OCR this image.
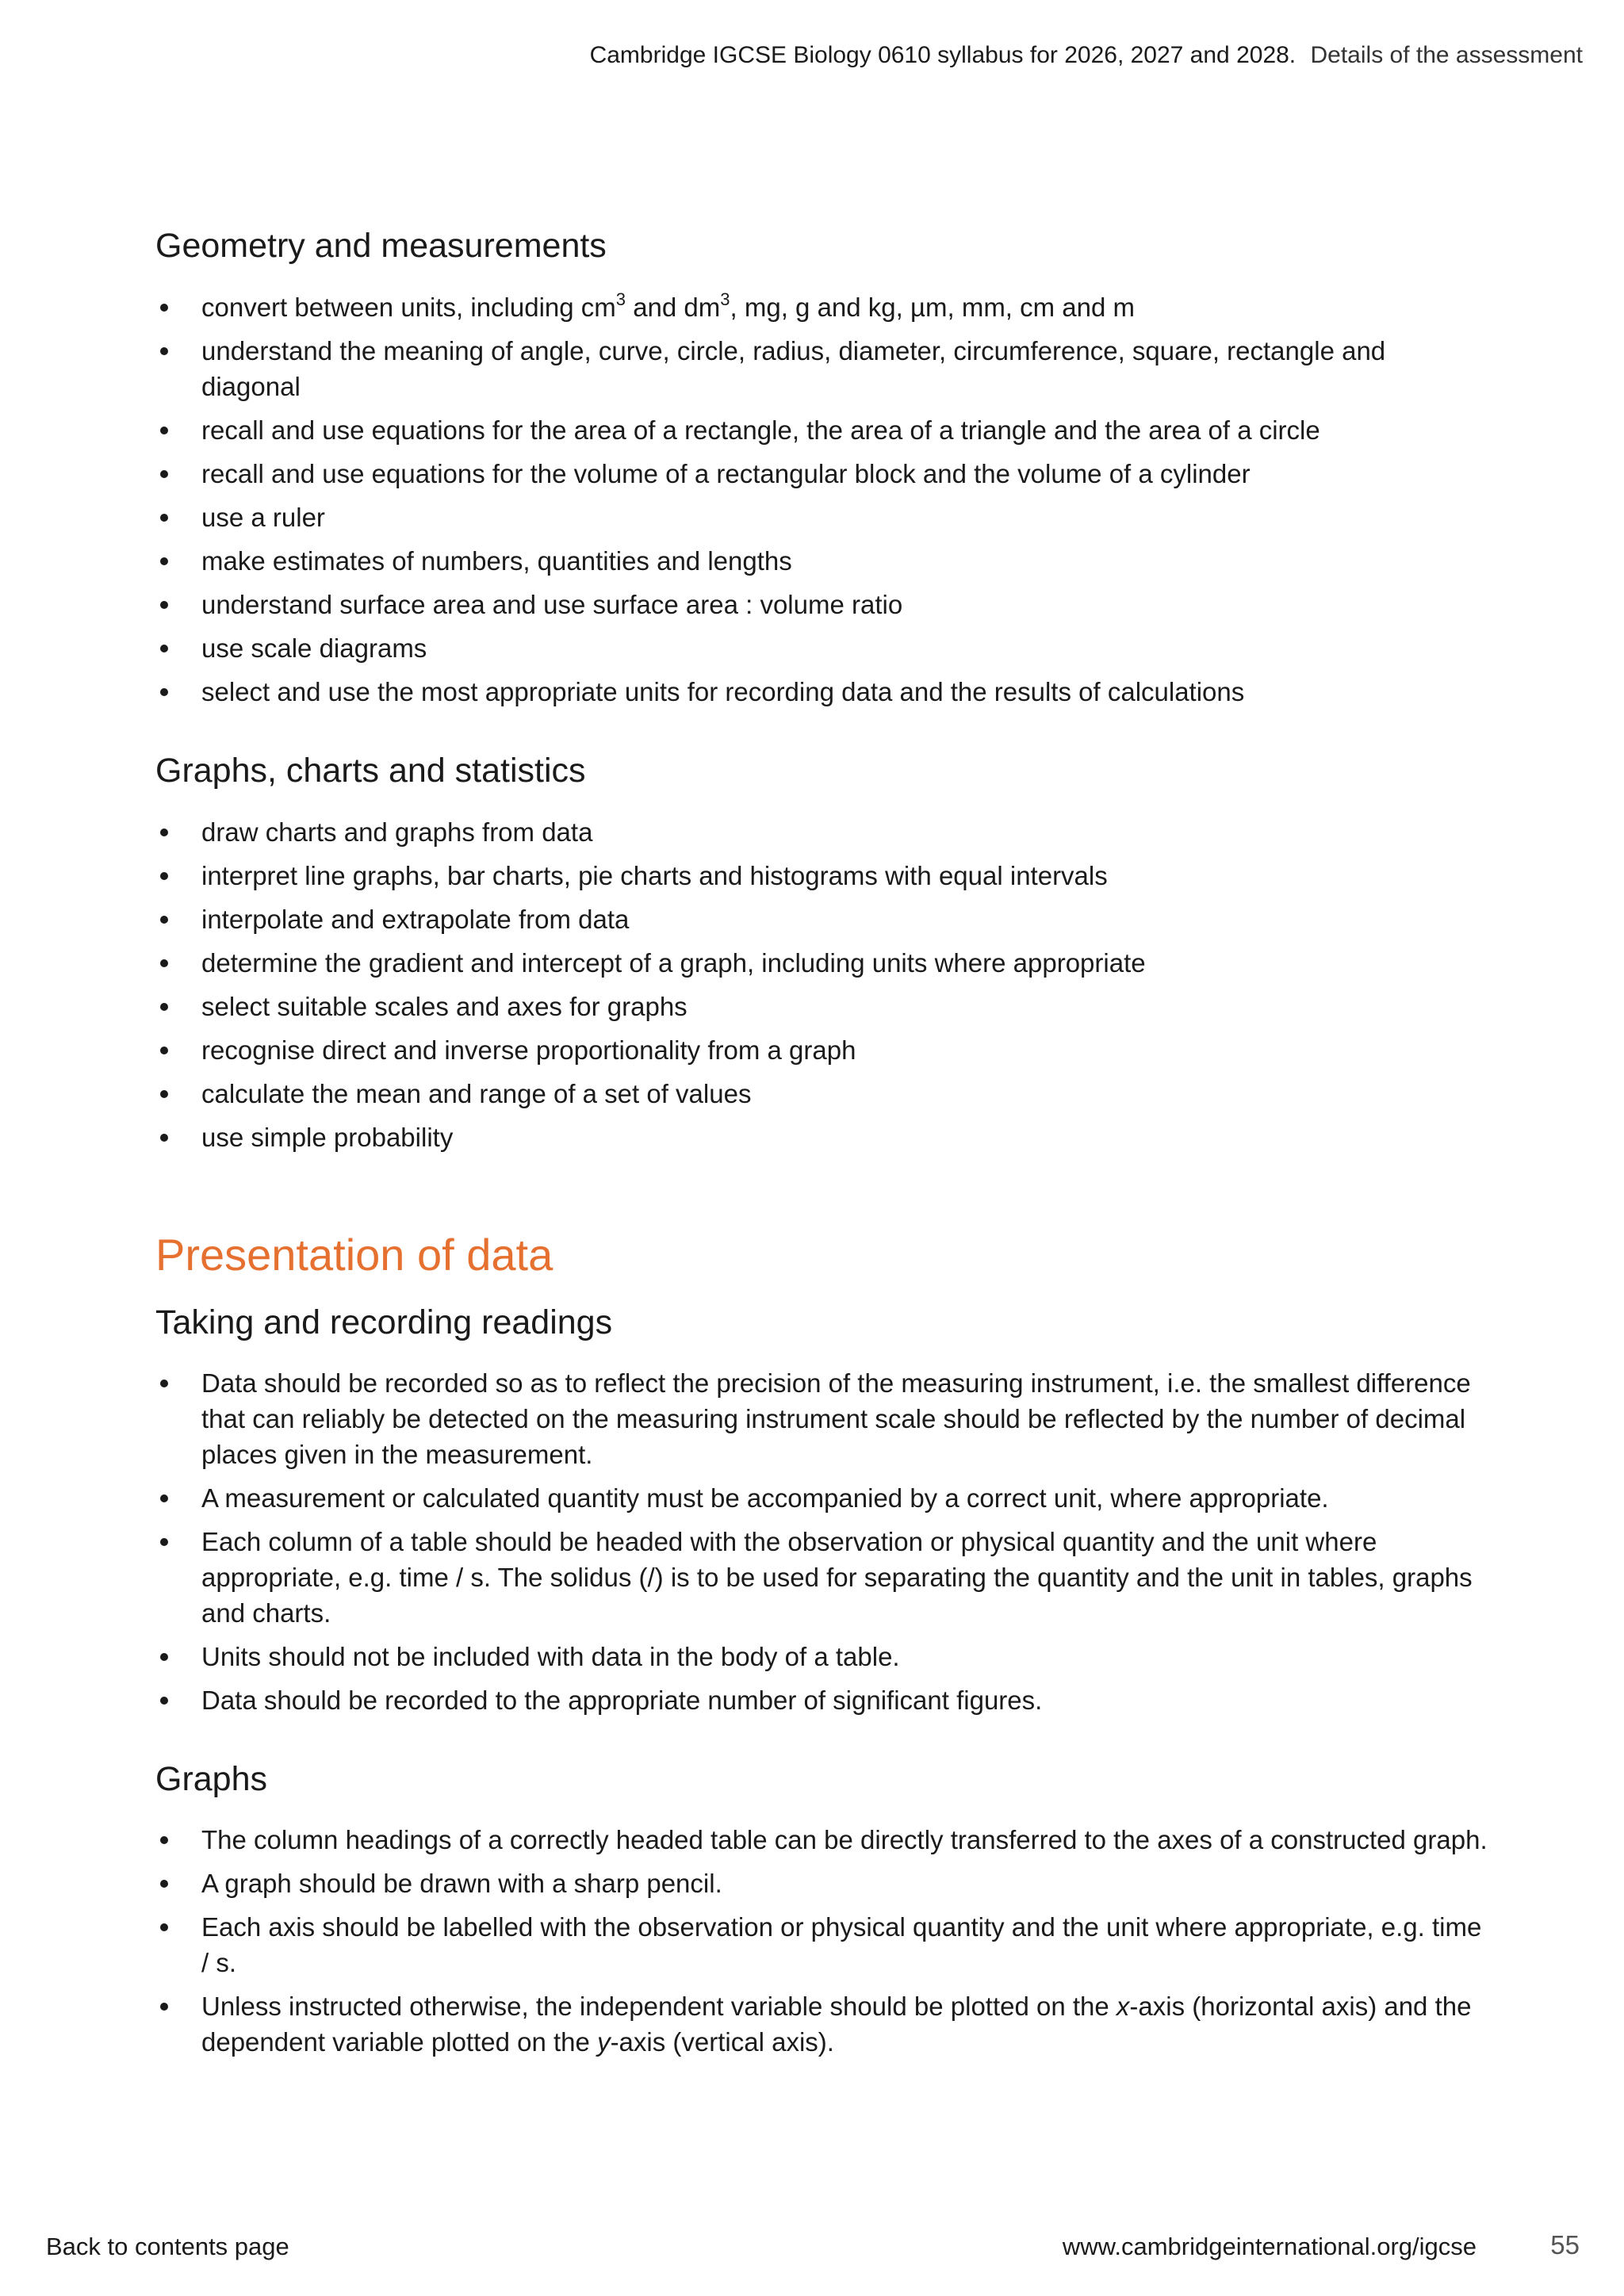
Cambridge IGCSE Biology 0610 syllabus for 2026, 2027 and 2028. Details of the assessment
Geometry and measurements
convert between units, including $cm^3$ and $dm^3$, mg, g and kg, µm, mm, cm and m
understand the meaning of angle, curve, circle, radius, diameter, circumference, square, rectangle and diagonal
recall and use equations for the area of a rectangle, the area of a triangle and the area of a circle
recall and use equations for the volume of a rectangular block and the volume of a cylinder
use a ruler
make estimates of numbers, quantities and lengths
understand surface area and use surface area : volume ratio
use scale diagrams
select and use the most appropriate units for recording data and the results of calculations
Graphs, charts and statistics
draw charts and graphs from data
interpret line graphs, bar charts, pie charts and histograms with equal intervals
interpolate and extrapolate from data
determine the gradient and intercept of a graph, including units where appropriate
select suitable scales and axes for graphs
recognise direct and inverse proportionality from a graph
calculate the mean and range of a set of values
use simple probability
Presentation of data
Taking and recording readings
Data should be recorded so as to reflect the precision of the measuring instrument, i.e. the smallest difference that can reliably be detected on the measuring instrument scale should be reflected by the number of decimal places given in the measurement.
A measurement or calculated quantity must be accompanied by a correct unit, where appropriate.
Each column of a table should be headed with the observation or physical quantity and the unit where appropriate, e.g. time / s. The solidus (/) is to be used for separating the quantity and the unit in tables, graphs and charts.
Units should not be included with data in the body of a table.
Data should be recorded to the appropriate number of significant figures.
Graphs
The column headings of a correctly headed table can be directly transferred to the axes of a constructed graph.
A graph should be drawn with a sharp pencil.
Each axis should be labelled with the observation or physical quantity and the unit where appropriate, e.g. time / s.
Unless instructed otherwise, the independent variable should be plotted on the x-axis (horizontal axis) and the dependent variable plotted on the y-axis (vertical axis).
Back to contents page	www.cambridgeinternational.org/igcse	55
